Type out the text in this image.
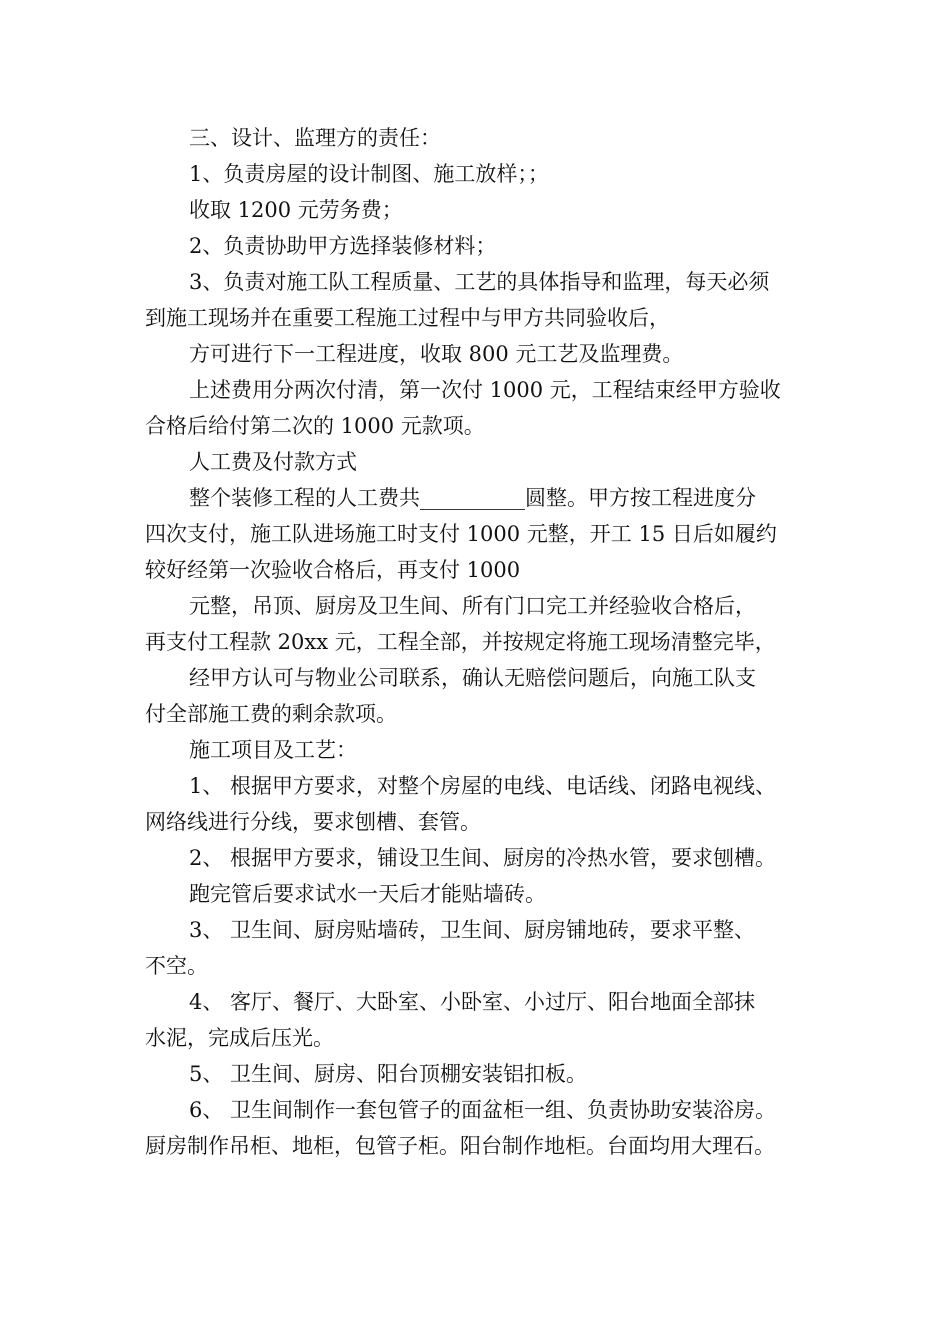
三、设计、监理方的责任：

1、负责房屋的设计制图、施工放样；；

收取 1200 元劳务费；

2、负责协助甲方选择装修材料；

3、负责对施工队工程质量、工艺的具体指导和监理，每天必须

到施工现场并在重要工程施工过程中与甲方共同验收后，

方可进行下一工程进度，收取 800 元工艺及监理费。

上述费用分两次付清，第一次付 1000 元，工程结束经甲方验收

合格后给付第二次的 1000 元款项。

人工费及付款方式

整个装修工程的人工费共__________圆整。甲方按工程进度分

四次支付，施工队进场施工时支付 1000 元整，开工 15 日后如履约

较好经第一次验收合格后，再支付 1000

元整，吊顶、厨房及卫生间、所有门口完工并经验收合格后，

再支付工程款 20xx 元，工程全部，并按规定将施工现场清整完毕，

经甲方认可与物业公司联系，确认无赔偿问题后，向施工队支

付全部施工费的剩余款项。

施工项目及工艺：

1、 根据甲方要求，对整个房屋的电线、电话线、闭路电视线、

网络线进行分线，要求刨槽、套管。

2、 根据甲方要求，铺设卫生间、厨房的冷热水管，要求刨槽。

跑完管后要求试水一天后才能贴墙砖。

3、 卫生间、厨房贴墙砖，卫生间、厨房铺地砖，要求平整、

不空。

4、 客厅、餐厅、大卧室、小卧室、小过厅、阳台地面全部抹

水泥，完成后压光。

5、 卫生间、厨房、阳台顶棚安装铝扣板。

6、 卫生间制作一套包管子的面盆柜一组、负责协助安装浴房。

厨房制作吊柜、地柜，包管子柜。阳台制作地柜。台面均用大理石。
